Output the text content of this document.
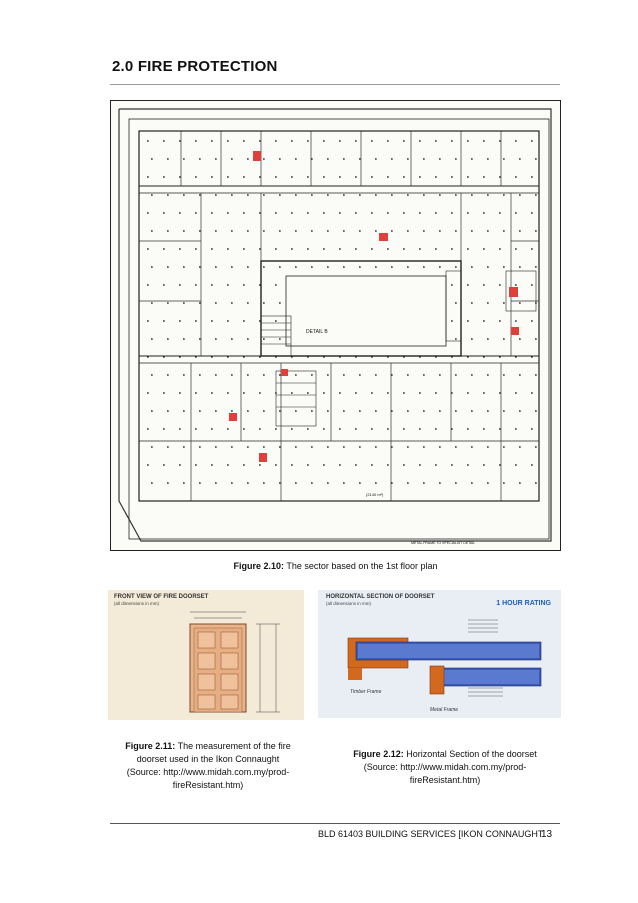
2.0 FIRE PROTECTION
DETAIL B
(2140 m²)
METAL FRAME TO SPECIALIST DETAIL
Figure 2.10: The sector based on the 1st floor plan
FRONT VIEW OF FIRE DOORSET
(all dimensions in mm)
Figure 2.11: The measurement of the fire
doorset used in the Ikon Connaught
(Source: http://www.midah.com.my/prod-
fireResistant.htm)
HORIZONTAL SECTION OF DOORSET
(all dimensions in mm)	1 HOUR RATING
Timber Frame
Metal Frame
Figure 2.12: Horizontal Section of the doorset
(Source: http://www.midah.com.my/prod-
fireResistant.htm)
BLD 61403 BUILDING SERVICES [IKON CONNAUGHT
13
